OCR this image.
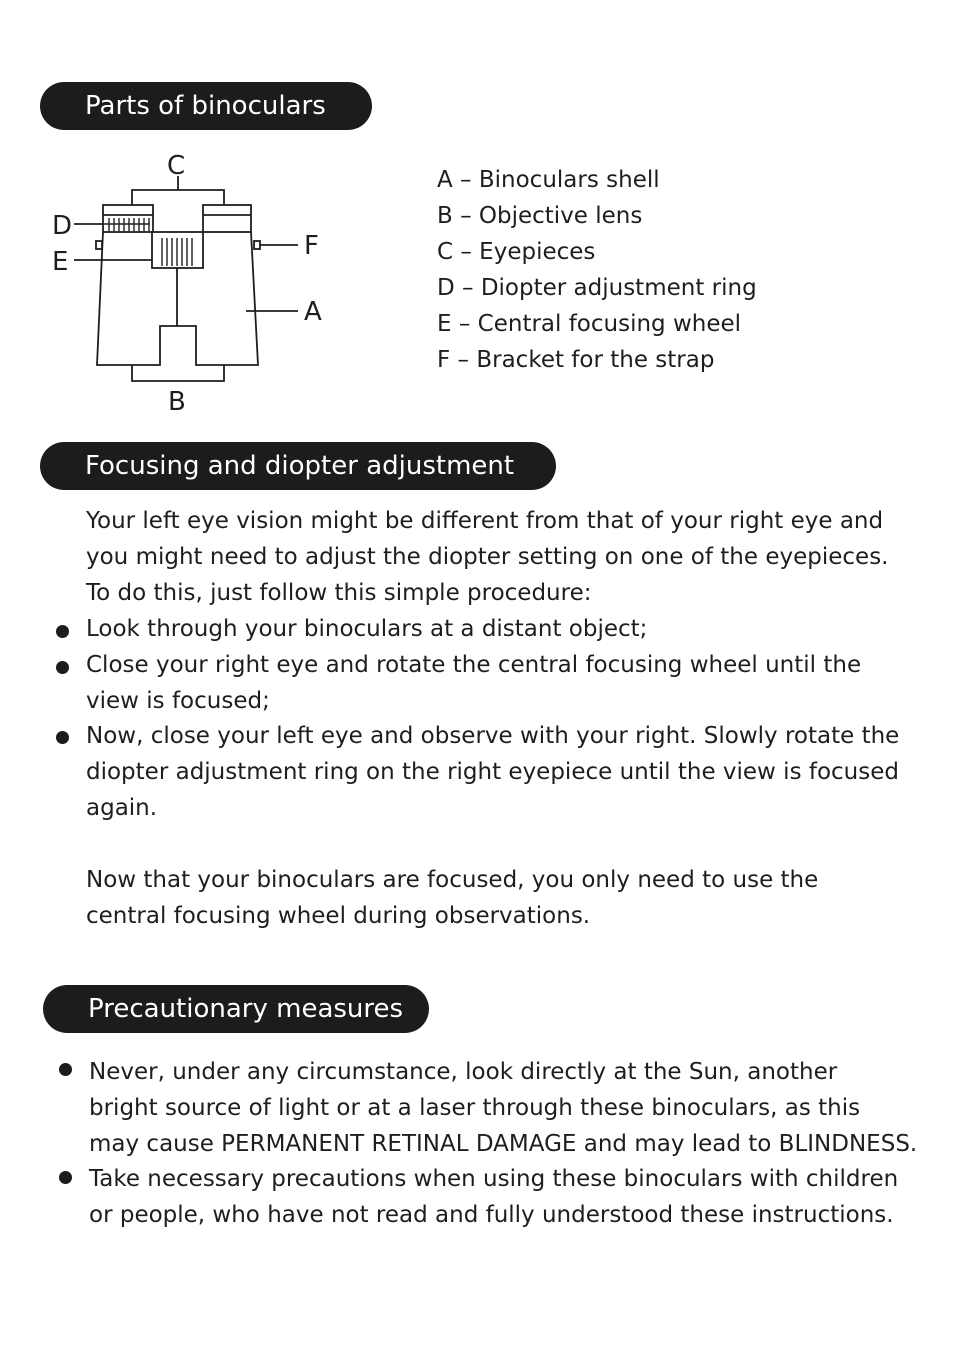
Parts of binoculars
C
D
E
F
A
B
A – Binoculars shell
B – Objective lens
C – Eyepieces
D – Diopter adjustment ring
E – Central focusing wheel
F – Bracket for the strap
Focusing and diopter adjustment
Your left eye vision might be different from that of your right eye and
you might need to adjust the diopter setting on one of the eyepieces.
To do this, just follow this simple procedure:
Look through your binoculars at a distant object;
Close your right eye and rotate the central focusing wheel until the
view is focused;
Now, close your left eye and observe with your right. Slowly rotate the
diopter adjustment ring on the right eyepiece until the view is focused
again.
Now that your binoculars are focused, you only need to use the
central focusing wheel during observations.
Precautionary measures
Never, under any circumstance, look directly at the Sun, another
bright source of light or at a laser through these binoculars, as this
may cause PERMANENT RETINAL DAMAGE and may lead to BLINDNESS.
Take necessary precautions when using these binoculars with children
or people, who have not read and fully understood these instructions.
